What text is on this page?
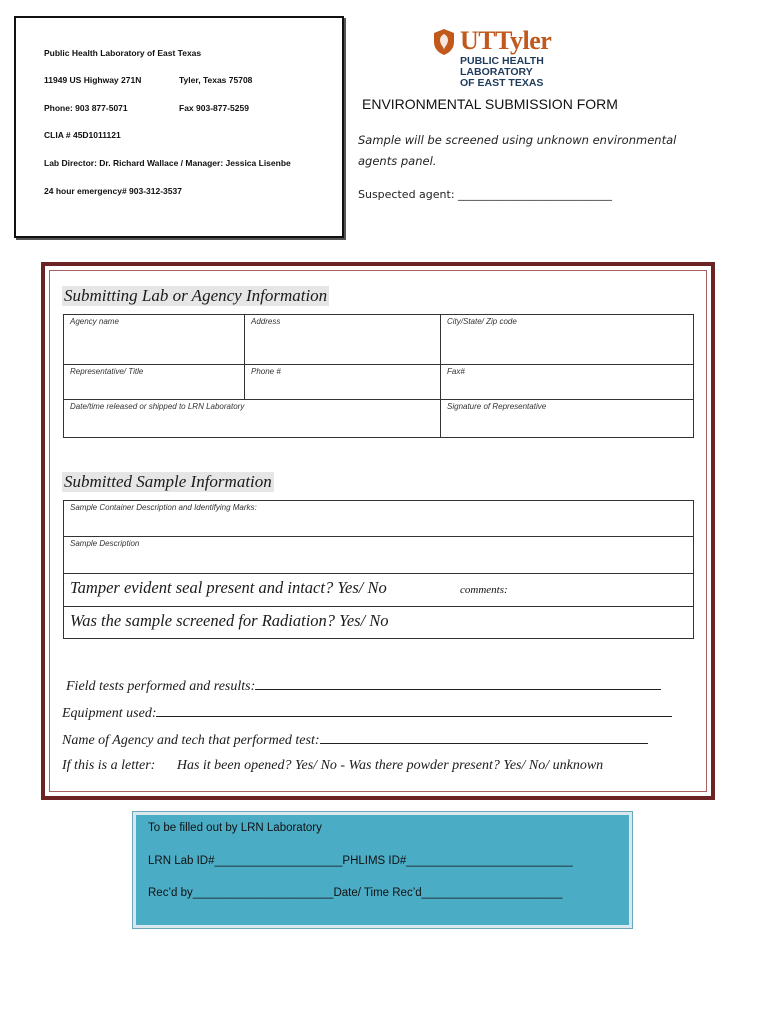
Public Health Laboratory of East Texas
11949 US Highway 271N	Tyler, Texas 75708
Phone: 903 877-5071	Fax 903-877-5259
CLIA # 45D1011121
Lab Director: Dr. Richard Wallace / Manager: Jessica Lisenbe
24 hour emergency# 903-312-3537
UTTyler
PUBLIC HEALTH
LABORATORY
OF EAST TEXAS
ENVIRONMENTAL SUBMISSION FORM
Sample will be screened using unknown environmental
agents panel.
Suspected agent: ____________________________
Submitting Lab or Agency Information
Agency name	Address	City/State/ Zip code
Representative/ Title	Phone #	Fax#
Date/time released or shipped to LRN Laboratory		Signature of Representative
Submitted Sample Information
Sample Container Description and Identifying Marks:
Sample Description

Tamper evident seal present and intact? Yes/ No	comments:
Was the sample screened for Radiation? Yes/ No
Field tests performed and results:
Equipment used:
Name of Agency and tech that performed test:
If this is a letter: Has it been opened? Yes/ No - Was there powder present? Yes/ No/ unknown
To be filled out by LRN Laboratory
LRN Lab ID#____________________PHLIMS ID#__________________________
Rec’d by______________________Date/ Time Rec’d______________________
